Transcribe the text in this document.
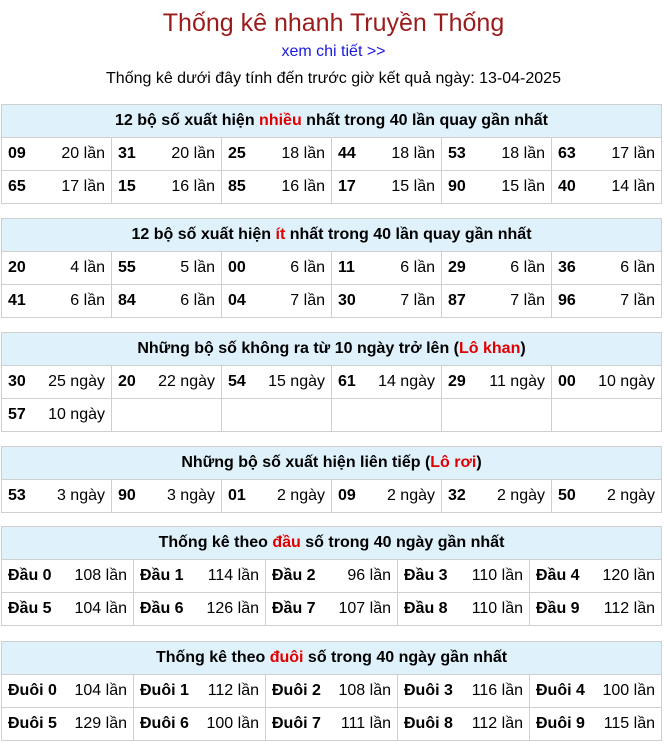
Thống kê nhanh Truyền Thống
xem chi tiết >>
Thống kê dưới đây tính đến trước giờ kết quả ngày: 13-04-2025
12 bộ số xuất hiện nhiều nhất trong 40 lần quay gần nhất					

09 20 lần	31 20 lần	25 18 lần	44 18 lần	53 18 lần	63 17 lần

65 17 lần	15 16 lần	85 16 lần	17 15 lần	90 15 lần	40 14 lần
12 bộ số xuất hiện ít nhất trong 40 lần quay gần nhất					

20 4 lần	55 5 lần	00 6 lần	11 6 lần	29 6 lần	36 6 lần

41 6 lần	84 6 lần	04 7 lần	30 7 lần	87 7 lần	96 7 lần
Những bộ số không ra từ 10 ngày trở lên (Lô khan)					

30 25 ngày	20 22 ngày	54 15 ngày	61 14 ngày	29 11 ngày	00 10 ngày

57 10 ngày					

Những bộ số xuất hiện liên tiếp (Lô rơi)

53 3 ngày	90 3 ngày	01 2 ngày	09 2 ngày	32 2 ngày	50 2 ngày
Thống kê theo đầu số trong 40 ngày gần nhất				

Đầu 0 108 lần	Đầu 1 114 lần	Đầu 2 96 lần	Đầu 3 110 lần	Đầu 4 120 lần

Đầu 5 104 lần	Đầu 6 126 lần	Đầu 7 107 lần	Đầu 8 110 lần	Đầu 9 112 lần
Thống kê theo đuôi số trong 40 ngày gần nhất				

Đuôi 0 104 lần	Đuôi 1 112 lần	Đuôi 2 108 lần	Đuôi 3 116 lần	Đuôi 4 100 lần

Đuôi 5 129 lần	Đuôi 6 100 lần	Đuôi 7 111 lần	Đuôi 8 112 lần	Đuôi 9 115 lần
